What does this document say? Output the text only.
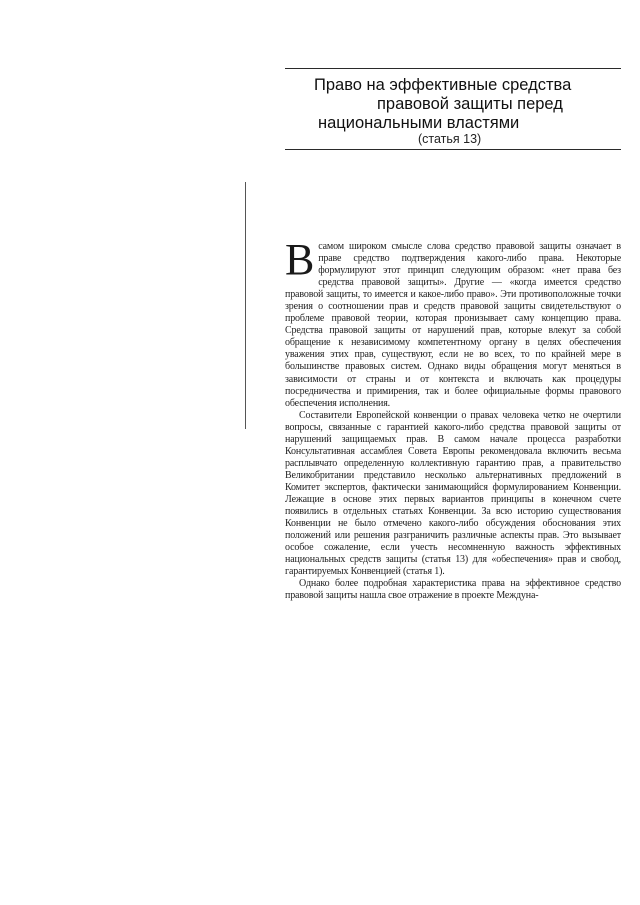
Право на эффективные средства
правовой защиты перед
национальными властями
(статья 13)

В самом широком смысле слова средство правовой защиты означает в праве средство подтверждения какого-либо права. Некоторые формулируют этот принцип следующим образом: «нет права без средства правовой защиты». Другие — «когда имеется средство правовой защиты, то имеется и какое-либо право». Эти противоположные точки зрения о соотношении прав и средств правовой защиты свидетельствуют о проблеме правовой теории, которая пронизывает саму концепцию права. Средства правовой защиты от нарушений прав, которые влекут за собой обращение к независимому компетентному органу в целях обеспечения уважения этих прав, существуют, если не во всех, то по крайней мере в большинстве правовых систем. Однако виды обращения могут меняться в зависимости от страны и от контекста и включать как процедуры посредничества и примирения, так и более официальные формы правового обеспечения исполнения.

Составители Европейской конвенции о правах человека четко не очертили вопросы, связанные с гарантией какого-либо средства правовой защиты от нарушений защищаемых прав. В самом начале процесса разработки Консультативная ассамблея Совета Европы рекомендовала включить весьма расплывчато определенную коллективную гарантию прав, а правительство Великобритании представило несколько альтернативных предложений в Комитет экспертов, фактически занимающийся формулированием Конвенции. Лежащие в основе этих первых вариантов принципы в конечном счете появились в отдельных статьях Конвенции. За всю историю существования Конвенции не было отмечено какого-либо обсуждения обоснования этих положений или решения разграничить различные аспекты прав. Это вызывает особое сожаление, если учесть несомненную важность эффективных национальных средств защиты (статья 13) для «обеспечения» прав и свобод, гарантируемых Конвенцией (статья 1).

Однако более подробная характеристика права на эффективное средство правовой защиты нашла свое отражение в проекте Междуна-
